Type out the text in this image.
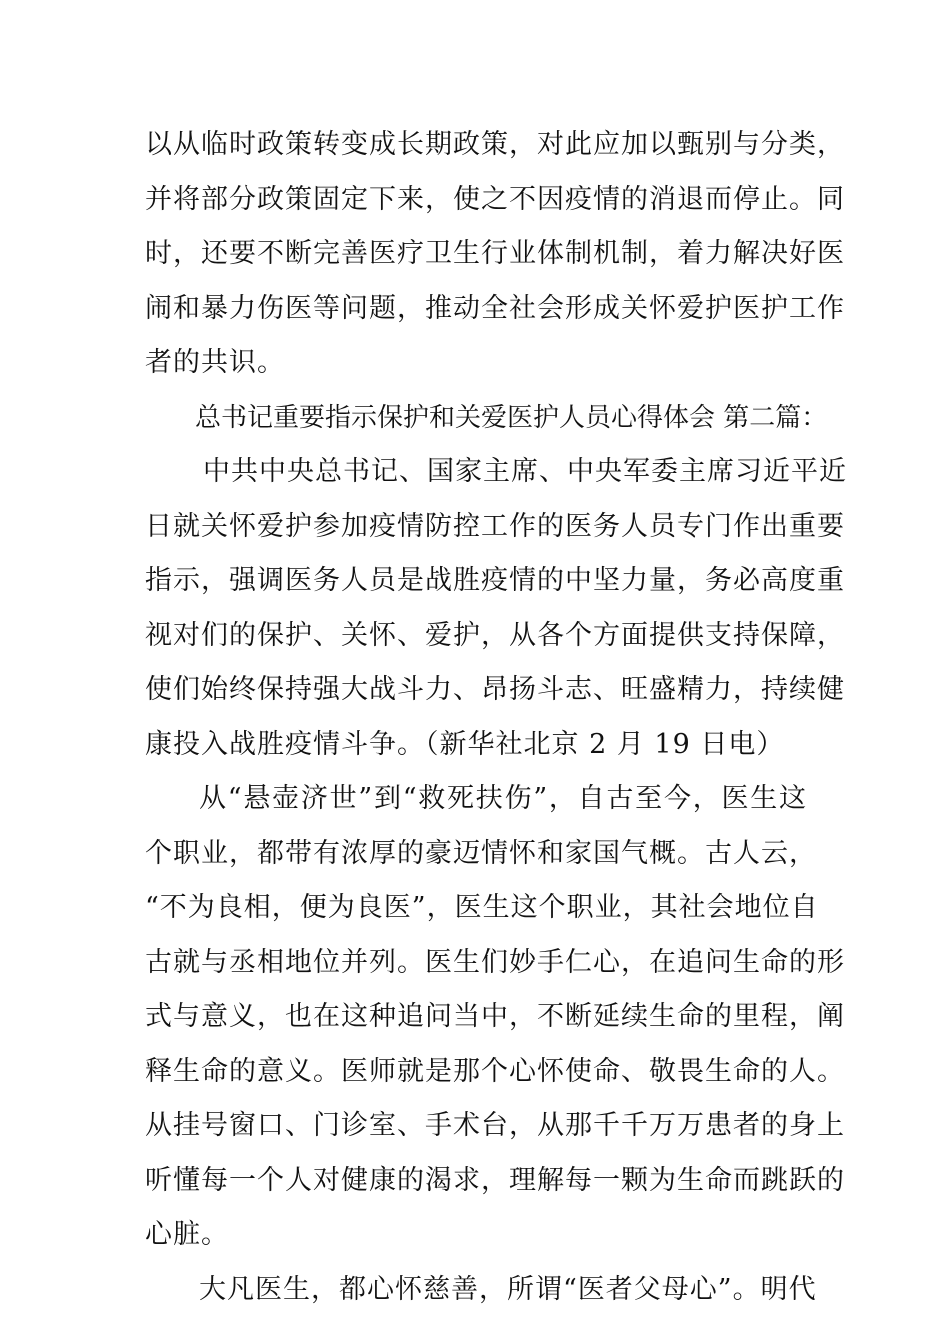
以从临时政策转变成长期政策，对此应加以甄别与分类，
并将部分政策固定下来，使之不因疫情的消退而停止。同
时，还要不断完善医疗卫生行业体制机制，着力解决好医
闹和暴力伤医等问题，推动全社会形成关怀爱护医护工作
者的共识。
总书记重要指示保护和关爱医护人员心得体会 第二篇：
中共中央总书记、国家主席、中央军委主席习近平近
日就关怀爱护参加疫情防控工作的医务人员专门作出重要
指示，强调医务人员是战胜疫情的中坚力量，务必高度重
视对们的保护、关怀、爱护，从各个方面提供支持保障，
使们始终保持强大战斗力、昂扬斗志、旺盛精力，持续健
康投入战胜疫情斗争。（新华社北京 2 月 19 日电）
从“悬壶济世”到“救死扶伤”，自古至今，医生这
个职业，都带有浓厚的豪迈情怀和家国气概。古人云，
“不为良相，便为良医”，医生这个职业，其社会地位自
古就与丞相地位并列。医生们妙手仁心，在追问生命的形
式与意义，也在这种追问当中，不断延续生命的里程，阐
释生命的意义。医师就是那个心怀使命、敬畏生命的人。
从挂号窗口、门诊室、手术台，从那千千万万患者的身上
听懂每一个人对健康的渴求，理解每一颗为生命而跳跃的
心脏。
大凡医生，都心怀慈善，所谓“医者父母心”。明代
